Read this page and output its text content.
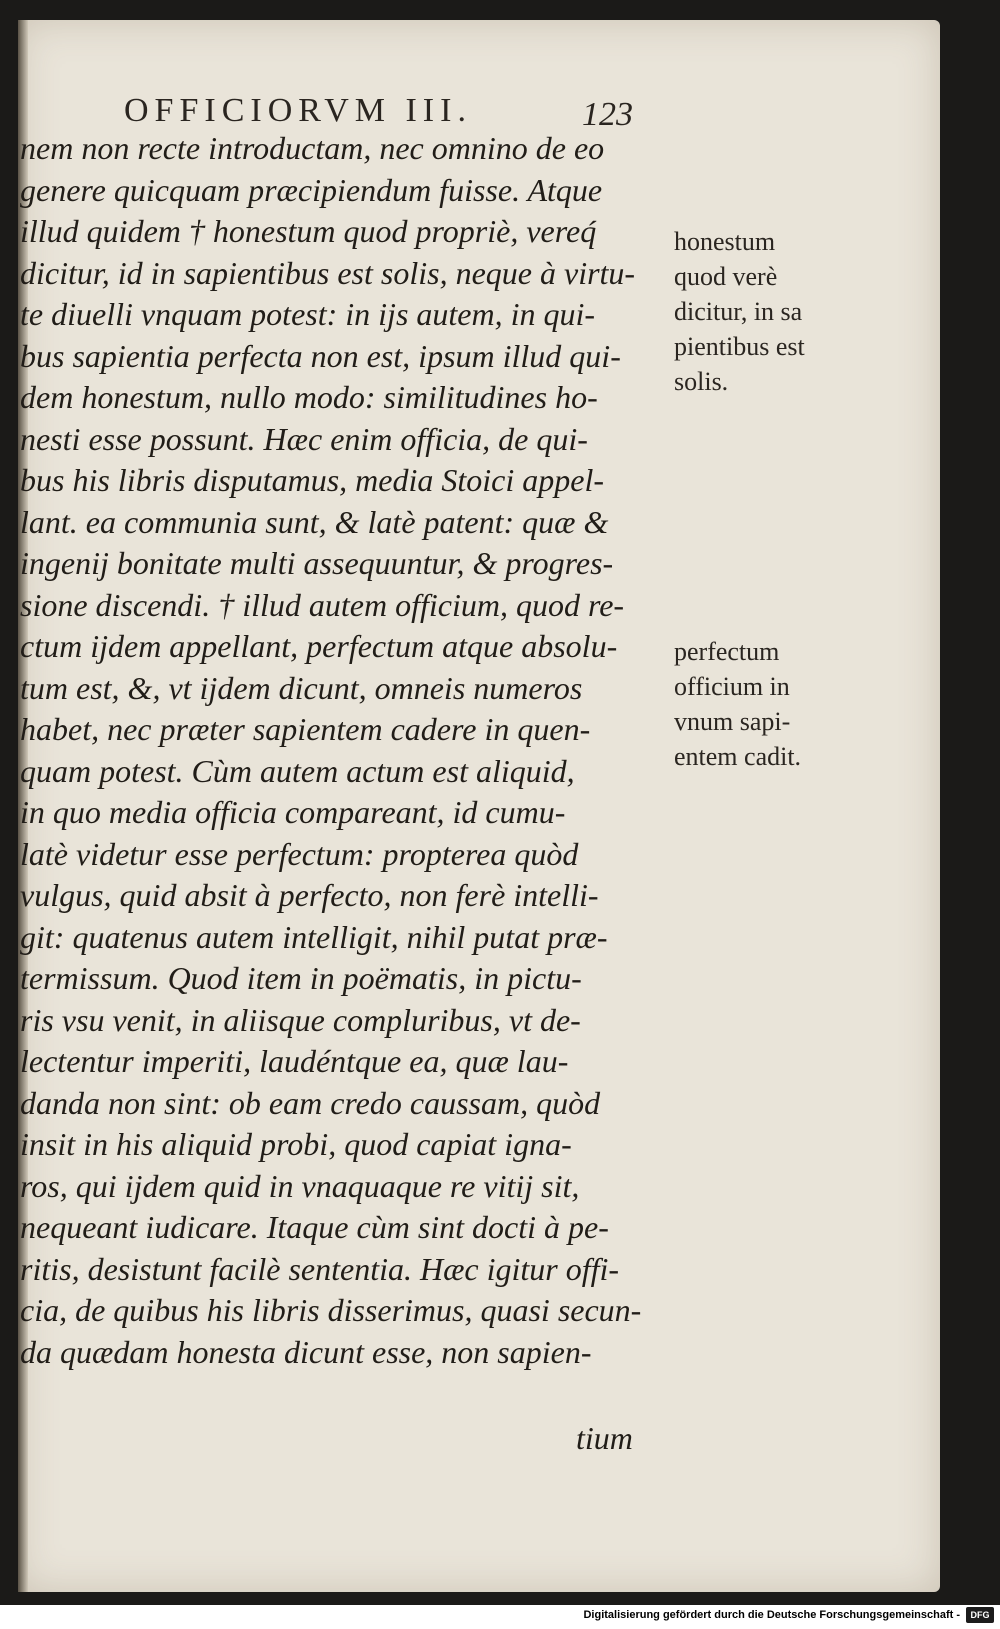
OFFICIORVM III.	123
nem non recte introductam, nec omnino de eo
genere quicquam præcipiendum fuisse. Atque
illud quidem † honestum quod propriè, vereq́
dicitur, id in sapientibus est solis, neque à virtu-
te diuelli vnquam potest: in ijs autem, in qui-
bus sapientia perfecta non est, ipsum illud qui-
dem honestum, nullo modo: similitudines ho-
nesti esse possunt. Hæc enim officia, de qui-
bus his libris disputamus, media Stoici appel-
lant. ea communia sunt, & latè patent: quæ &
ingenij bonitate multi assequuntur, & progres-
sione discendi. † illud autem officium, quod re-
ctum ijdem appellant, perfectum atque absolu-
tum est, &, vt ijdem dicunt, omneis numeros
habet, nec præter sapientem cadere in quen-
quam potest. Cùm autem actum est aliquid,
in quo media officia compareant, id cumu-
latè videtur esse perfectum: propterea quòd
vulgus, quid absit à perfecto, non ferè intelli-
git: quatenus autem intelligit, nihil putat præ-
termissum. Quod item in poëmatis, in pictu-
ris vsu venit, in aliisque compluribus, vt de-
lectentur imperiti, laudéntque ea, quæ lau-
danda non sint: ob eam credo caussam, quòd
insit in his aliquid probi, quod capiat igna-
ros, qui ijdem quid in vnaquaque re vitij sit,
nequeant iudicare. Itaque cùm sint docti à pe-
ritis, desistunt facilè sententia. Hæc igitur offi-
cia, de quibus his libris disserimus, quasi secun-
da quædam honesta dicunt esse, non sapien-
tium
honestum
quod verè
dicitur, in sa
pientibus est
solis.
perfectum
officium in
vnum sapi-
entem cadit.
Digitalisierung gefördert durch die Deutsche Forschungsgemeinschaft -	DFG
